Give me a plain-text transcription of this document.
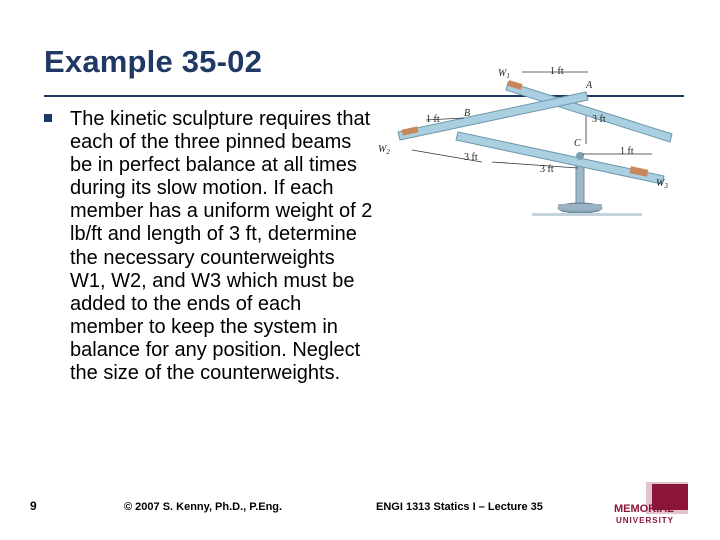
Example 35-02
The kinetic sculpture requires that each of the three pinned beams be in perfect balance at all times during its slow motion. If each member has a uniform weight of 2 lb/ft and length of 3 ft, determine the necessary counterweights W1, W2, and W3 which must be added to the ends of each member to keep the system in balance for any position. Neglect the size of the counterweights.
$W_1$
$W_2$
$W_3$
A
B
C
1 ft
1 ft	3 ft
1 ft
3 ft
3 ft
9	© 2007 S. Kenny, Ph.D., P.Eng.	ENGI 1313 Statics I – Lecture 35	MEMORIAL
UNIVERSITY
